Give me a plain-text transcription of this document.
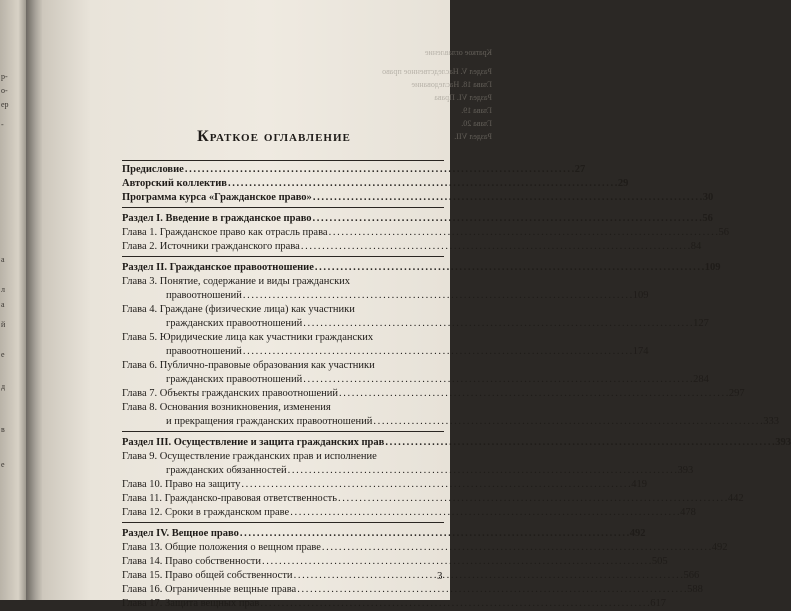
р-
о-
ер
-
а
л
а
й
е
д
в
е
Краткое оглавление
Раздел V. Наследственное право
Глава 18. Наследование
Раздел VI. Права
Глава 19.
Глава 20.
Раздел VII.
Краткое оглавление
Предисловие . . .	27
Авторский коллектив . . .	29
Программа курса «Гражданское право» . . .	30
Раздел I. Введение в гражданское право . . .	56
Глава 1. Гражданское право как отрасль права . . .	56
Глава 2. Источники гражданского права . . .	84
Раздел II. Гражданское правоотношение . . .	109
Глава 3. Понятие, содержание и виды гражданских
правоотношений . . .	109
Глава 4. Граждане (физические лица) как участники
гражданских правоотношений . . .	127
Глава 5. Юридические лица как участники гражданских
правоотношений . . .	174
Глава 6. Публично-правовые образования как участники
гражданских правоотношений . . .	284
Глава 7. Объекты гражданских правоотношений . . .	297
Глава 8. Основания возникновения, изменения
и прекращения гражданских правоотношений . . .	333
Раздел III. Осуществление и защита гражданских прав . . .	393
Глава 9. Осуществление гражданских прав и исполнение
гражданских обязанностей . . .	393
Глава 10. Право на защиту . . .	419
Глава 11. Гражданско-правовая ответственность . . .	442
Глава 12. Сроки в гражданском праве . . .	478
Раздел IV. Вещное право . . .	492
Глава 13. Общие положения о вещном праве . . .	492
Глава 14. Право собственности . . .	505
Глава 15. Право общей собственности . . .	566
Глава 16. Ограниченные вещные права . . .	588
Глава 17. Защита вещных прав . . .	617
3
